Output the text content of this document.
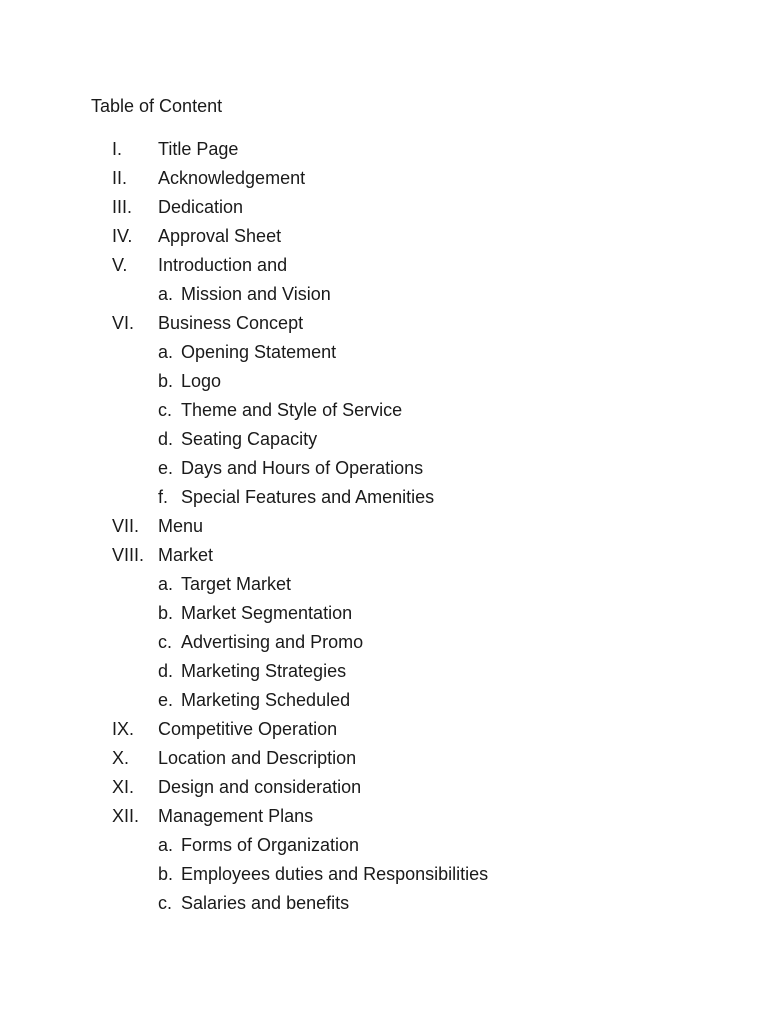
Table of Content
I. Title Page
II. Acknowledgement
III. Dedication
IV. Approval Sheet
V. Introduction and
a. Mission and Vision
VI. Business Concept
a. Opening Statement
b. Logo
c. Theme and Style of Service
d. Seating Capacity
e. Days and Hours of Operations
f. Special Features and Amenities
VII. Menu
VIII. Market
a. Target Market
b. Market Segmentation
c. Advertising and Promo
d. Marketing Strategies
e. Marketing Scheduled
IX. Competitive Operation
X. Location and Description
XI. Design and consideration
XII. Management Plans
a. Forms of Organization
b. Employees duties and Responsibilities
c. Salaries and benefits
